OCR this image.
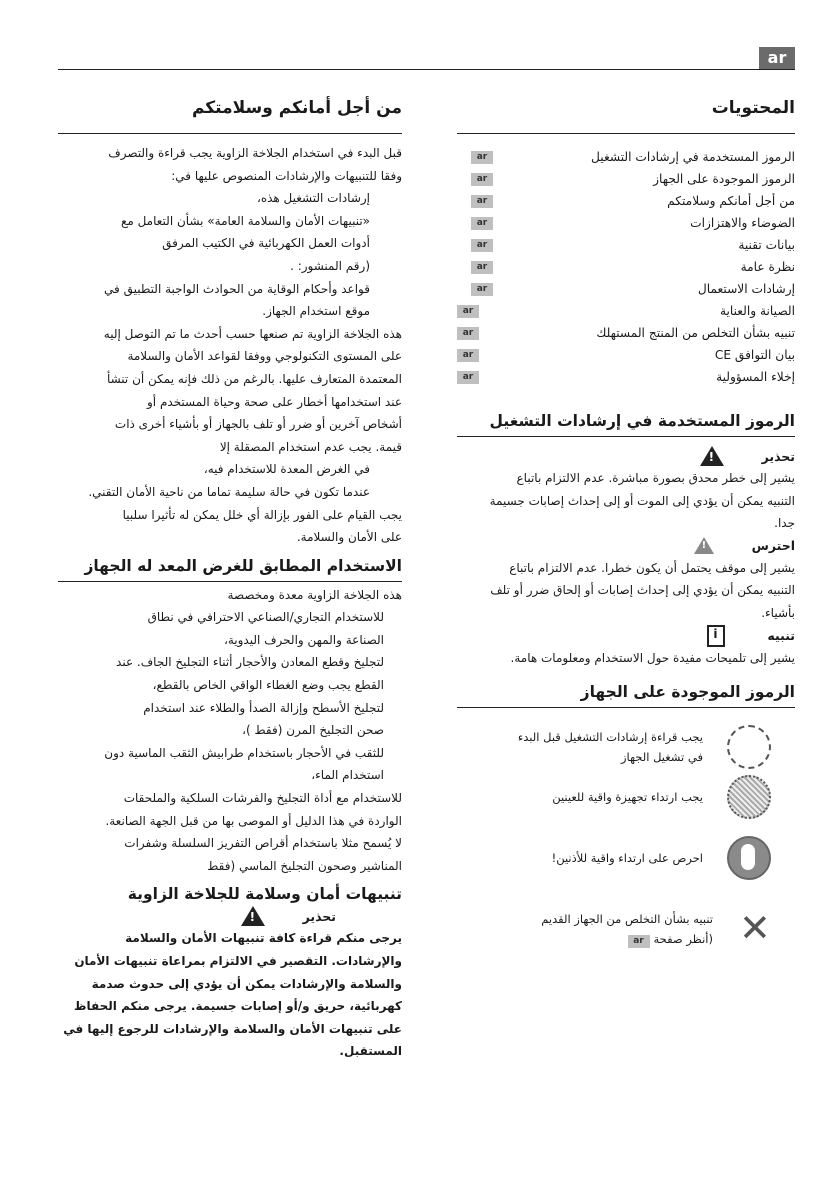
ar
المحتويات
الرموز المستخدمة في إرشادات التشغيل
ar
الرموز الموجودة على الجهاز
ar
من أجل أمانكم وسلامتكم
ar
الضوضاء والاهتزازات
ar
بيانات تقنية
ar
نظرة عامة
ar
إرشادات الاستعمال
ar
الصيانة والعناية
ar
تنبيه بشأن التخلص من المنتج المستهلك
ar
بيان التوافق CE
ar
إخلاء المسؤولية
ar
الرموز المستخدمة في إرشادات التشغيل
تحذير
!

يشير إلى خطر محدق بصورة مباشرة. عدم الالتزام باتباع
التنبيه يمكن أن يؤدي إلى الموت أو إلى إحداث إصابات جسيمة
جدا.

احترس
!

يشير إلى موقف يحتمل أن يكون خطرا. عدم الالتزام باتباع
التنبيه يمكن أن يؤدي إلى إحداث إصابات أو إلحاق ضرر أو تلف
بأشياء.

تنبيه
i

يشير إلى تلميحات مفيدة حول الاستخدام ومعلومات هامة.

الرموز الموجودة على الجهاز
يجب قراءة إرشادات التشغيل قبل البدء
في تشغيل الجهاز
يجب ارتداء تجهيزة واقية للعينين
احرص على ارتداء واقية للأذنين!
✕
تنبيه بشأن التخلص من الجهاز القديم
(أنظر صفحةar
من أجل أمانكم وسلامتكم

قبل البدء في استخدام الجلاخة الزاوية يجب قراءة والتصرف
وفقا للتنبيهات والإرشادات المنصوص عليها في:

إرشادات التشغيل هذه،
«تنبيهات الأمان والسلامة العامة» بشأن التعامل مع
أدوات العمل الكهربائية في الكتيب المرفق
(رقم المنشور: .
قواعد وأحكام الوقاية من الحوادث الواجبة التطبيق في
موقع استخدام الجهاز.

هذه الجلاخة الزاوية تم صنعها حسب أحدث ما تم التوصل إليه
على المستوى التكنولوجي ووفقا لقواعد الأمان والسلامة
المعتمدة المتعارف عليها. بالرغم من ذلك فإنه يمكن أن تنشأ
عند استخدامها أخطار على صحة وحياة المستخدم أو
أشخاص آخرين أو ضرر أو تلف بالجهاز أو بأشياء أخرى ذات
قيمة. يجب عدم استخدام المصقلة إلا

في الغرض المعدة للاستخدام فيه،
عندما تكون في حالة سليمة تماما من ناحية الأمان التقني.

يجب القيام على الفور بإزالة أي خلل يمكن له تأثيرا سلبيا
على الأمان والسلامة.

الاستخدام المطابق للغرض المعد له الجهاز

هذه الجلاخة الزاوية معدة ومخصصة

للاستخدام التجاري/الصناعي الاحترافي في نطاق
الصناعة والمهن والحرف اليدوية،
لتجليخ وقطع المعادن والأحجار أثناء التجليخ الجاف. عند
القطع يجب وضع الغطاء الواقي الخاص بالقطع،
لتجليخ الأسطح وإزالة الصدأ والطلاء عند استخدام
صحن التجليخ المرن (فقط )،
للثقب في الأحجار باستخدام طرابيش الثقب الماسية دون
استخدام الماء،

للاستخدام مع أداة التجليخ والفرشات السلكية والملحقات
الواردة في هذا الدليل أو الموصى بها من قبل الجهة الصانعة.

لا يُسمح مثلا باستخدام أقراص التفريز السلسلة وشفرات
المناشير وصحون التجليخ الماسي (فقط

تنبيهات أمان وسلامة للجلاخة الزاوية
تحذير
!

يرجى منكم قراءة كافة تنبيهات الأمان والسلامة
والإرشادات. التقصير في الالتزام بمراعاة تنبيهات الأمان
والسلامة والإرشادات يمكن أن يؤدي إلى حدوث صدمة
كهربائية، حريق و/أو إصابات جسيمة. يرجى منكم الحفاظ
على تنبيهات الأمان والسلامة والإرشادات للرجوع إليها في
المستقبل.
